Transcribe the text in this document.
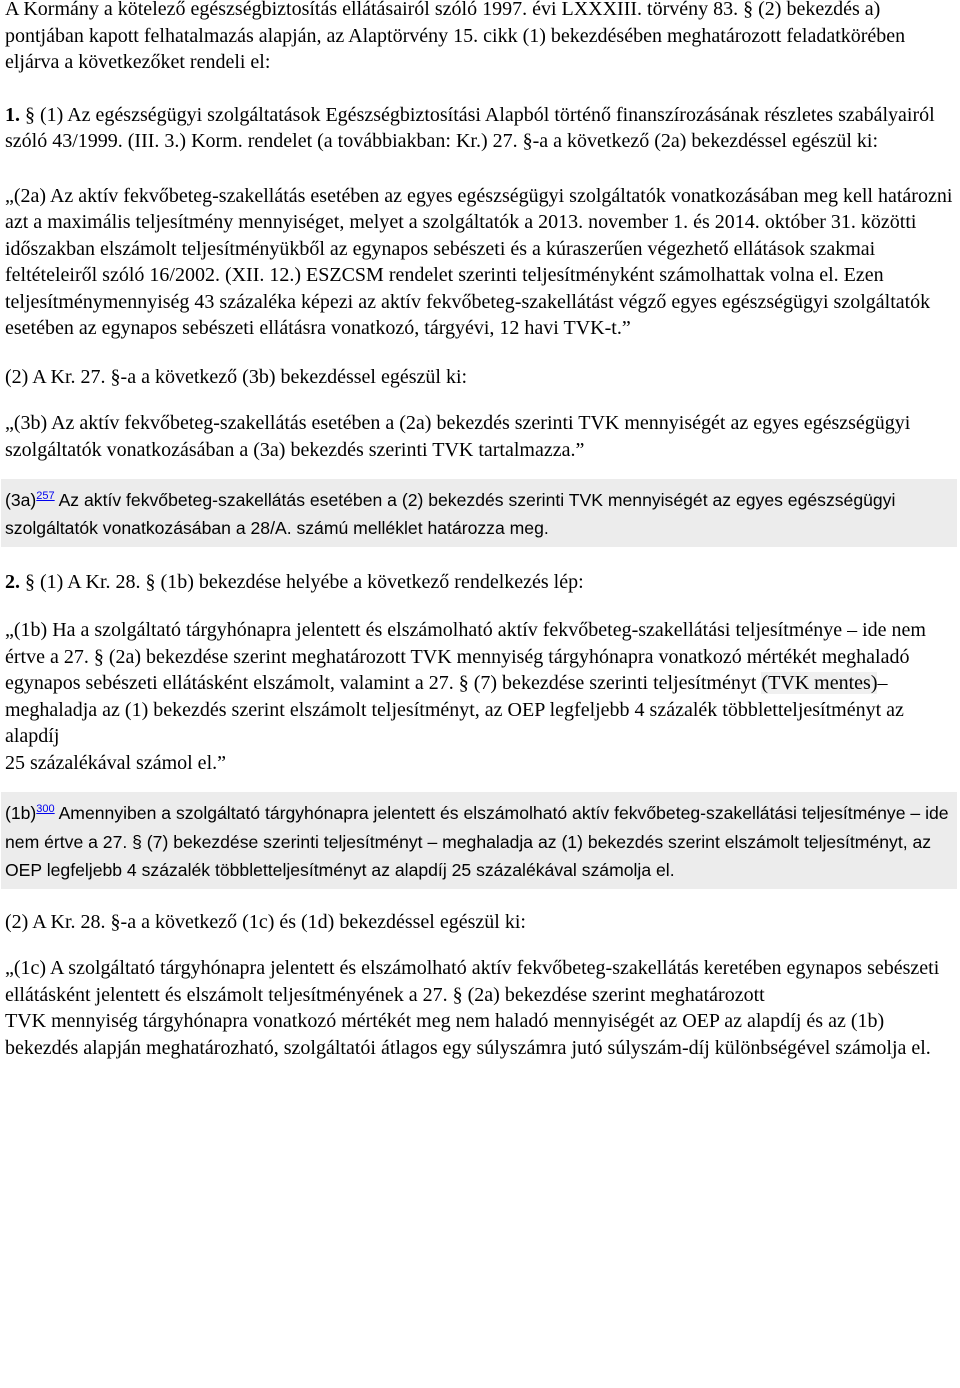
A Kormány a kötelező egészségbiztosítás ellátásairól szóló 1997. évi LXXXIII. törvény 83. § (2) bekezdés a) pontjában kapott felhatalmazás alapján, az Alaptörvény 15. cikk (1) bekezdésében meghatározott feladatkörében eljárva a következőket rendeli el:

1. § (1) Az egészségügyi szolgáltatások Egészségbiztosítási Alapból történő finanszírozásának részletes szabályairól szóló 43/1999. (III. 3.) Korm. rendelet (a továbbiakban: Kr.) 27. §-a a következő (2a) bekezdéssel egészül ki:

„(2a) Az aktív fekvőbeteg-szakellátás esetében az egyes egészségügyi szolgáltatók vonatkozásában meg kell határozni azt a maximális teljesítmény mennyiséget, melyet a szolgáltatók a 2013. november 1. és 2014. október 31. közötti időszakban elszámolt teljesítményükből az egynapos sebészeti és a kúraszerűen végezhető ellátások szakmai feltételeiről szóló 16/2002. (XII. 12.) ESZCSM rendelet szerinti teljesítményként számolhattak volna el. Ezen teljesítménymennyiség 43 százaléka képezi az aktív fekvőbeteg-szakellátást végző egyes egészségügyi szolgáltatók esetében az egynapos sebészeti ellátásra vonatkozó, tárgyévi, 12 havi TVK-t.”

(2) A Kr. 27. §-a a következő (3b) bekezdéssel egészül ki:

„(3b) Az aktív fekvőbeteg-szakellátás esetében a (2a) bekezdés szerinti TVK mennyiségét az egyes egészségügyi szolgáltatók vonatkozásában a (3a) bekezdés szerinti TVK tartalmazza.”

(3a)$^{257}$ Az aktív fekvőbeteg-szakellátás esetében a (2) bekezdés szerinti TVK mennyiségét az egyes egészségügyi szolgáltatók vonatkozásában a 28/A. számú melléklet határozza meg.

2. § (1) A Kr. 28. § (1b) bekezdése helyébe a következő rendelkezés lép:

„(1b) Ha a szolgáltató tárgyhónapra jelentett és elszámolható aktív fekvőbeteg-szakellátási teljesítménye – ide nem értve a 27. § (2a) bekezdése szerint meghatározott TVK mennyiség tárgyhónapra vonatkozó mértékét meghaladó egynapos sebészeti ellátásként elszámolt, valamint a 27. § (7) bekezdése szerinti teljesítményt (TVK mentes)– meghaladja az (1) bekezdés szerint elszámolt teljesítményt, az OEP legfeljebb 4 százalék többletteljesítményt az alapdíj
25 százalékával számol el.”

(1b)$^{300}$ Amennyiben a szolgáltató tárgyhónapra jelentett és elszámolható aktív fekvőbeteg-szakellátási teljesítménye – ide nem értve a 27. § (7) bekezdése szerinti teljesítményt – meghaladja az (1) bekezdés szerint elszámolt teljesítményt, az OEP legfeljebb 4 százalék többletteljesítményt az alapdíj 25 százalékával számolja el.

(2) A Kr. 28. §-a a következő (1c) és (1d) bekezdéssel egészül ki:

„(1c) A szolgáltató tárgyhónapra jelentett és elszámolható aktív fekvőbeteg-szakellátás keretében egynapos sebészeti ellátásként jelentett és elszámolt teljesítményének a 27. § (2a) bekezdése szerint meghatározott
TVK mennyiség tárgyhónapra vonatkozó mértékét meg nem haladó mennyiségét az OEP az alapdíj és az (1b) bekezdés alapján meghatározható, szolgáltatói átlagos egy súlyszámra jutó súlyszám-díj különbségével számolja el.
